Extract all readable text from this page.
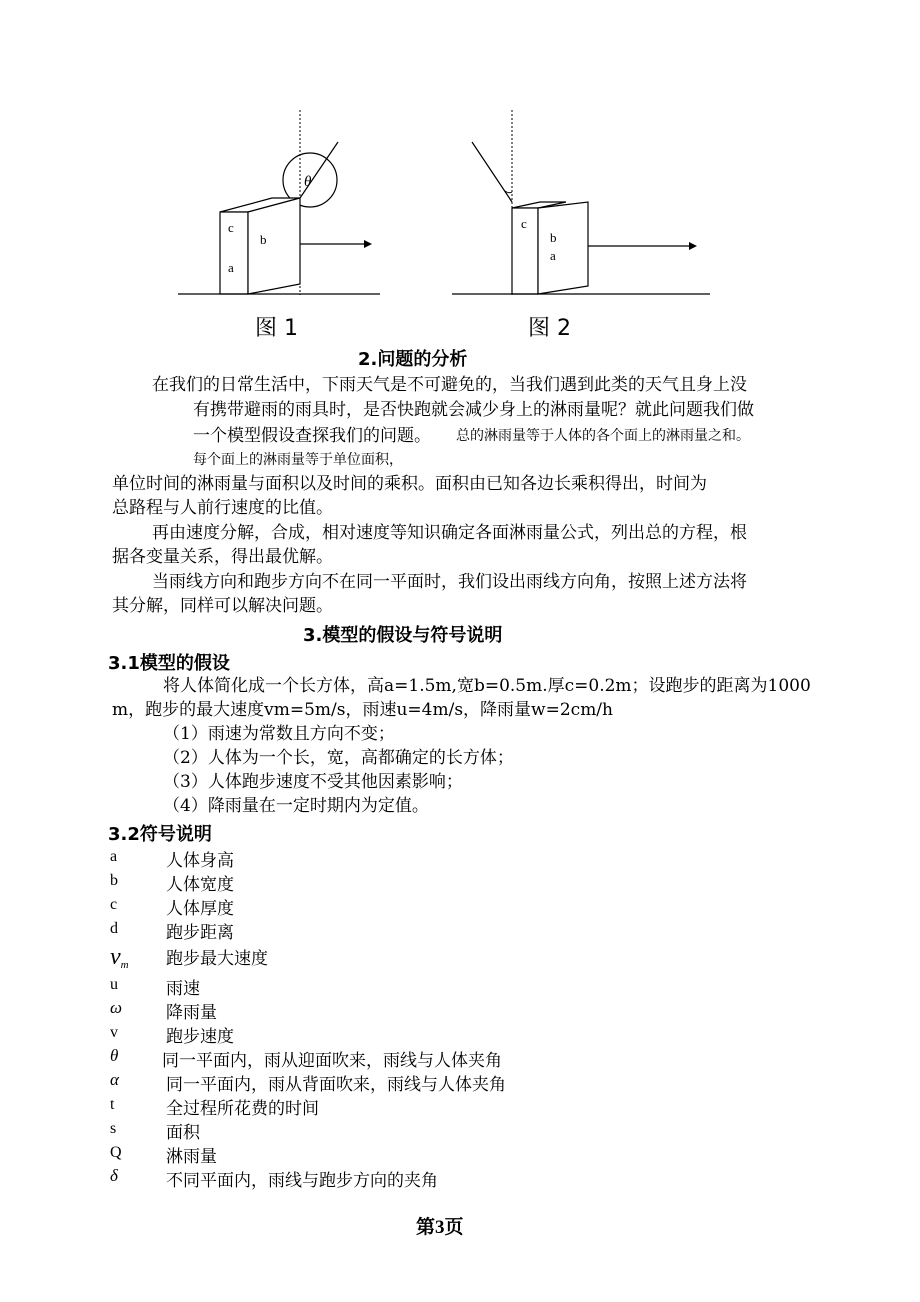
θ
c
b
a
图 1
c
b
a
图 2
2.问题的分析
在我们的日常生活中，下雨天气是不可避免的，当我们遇到此类的天气且身上没
有携带避雨的雨具时，是否快跑就会减少身上的淋雨量呢？就此问题我们做
一个模型假设查探我们的问题。 总的淋雨量等于人体的各个面上的淋雨量之和。
每个面上的淋雨量等于单位面积，
单位时间的淋雨量与面积以及时间的乘积。面积由已知各边长乘积得出，时间为
总路程与人前行速度的比值。
再由速度分解，合成，相对速度等知识确定各面淋雨量公式，列出总的方程，根
据各变量关系，得出最优解。
当雨线方向和跑步方向不在同一平面时，我们设出雨线方向角，按照上述方法将
其分解，同样可以解决问题。
3.模型的假设与符号说明
3.1模型的假设
将人体简化成一个长方体，高a=1.5m,宽b=0.5m.厚c=0.2m；设跑步的距离为1000
m，跑步的最大速度vm=5m/s，雨速u=4m/s，降雨量w=2cm/h
（1）雨速为常数且方向不变；
（2）人体为一个长，宽，高都确定的长方体；
（3）人体跑步速度不受其他因素影响；
（4）降雨量在一定时期内为定值。
3.2符号说明
a	人体身高
b	人体宽度
c	人体厚度
d	跑步距离
$v_m$ 跑步最大速度
u	雨速
ω	降雨量
v	跑步速度
θ	同一平面内，雨从迎面吹来，雨线与人体夹角
α	同一平面内，雨从背面吹来，雨线与人体夹角
t	全过程所花费的时间
s	面积
Q	淋雨量
δ	不同平面内，雨线与跑步方向的夹角
第3页
